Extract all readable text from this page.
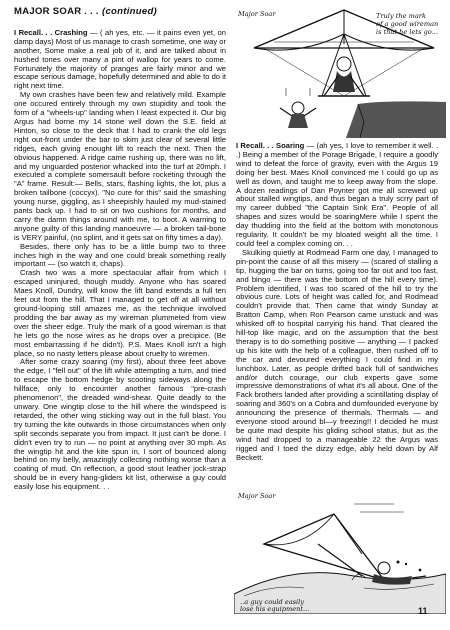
MAJOR SOAR . . . (continued)

I Recall. . . Crashing — ( ah yes, etc. — it pains even yet, on damp days) Most of us manage to crash sometime, one way or another, Some make a real job of it, and are talked about in hushed tones over many a pint of wallop for years to come. Fortunately the majority of pranges are fairly minor and we escape serious damage, hopefully determined and able to do it right next time.

My own crashes have been few and relatively mild. Example one occured entirely through my own stupidity and took the form of a "wheels-up" landing when I least expected it. Our big Argus had borne my 14 stone well down the S.E. field at Hinton, so close to the deck that I had to crank the old legs right out-front under the bar to skim just clear of several little ridges, each giving enought lift to reach the next. Then the obvious happened. A ridge came rushing up, there was no lift, and my unguarded posterior whacked into the turf at 20mph. I executed a complete somersault before rocketing through the "A" frame. Result:— Bells, stars, flashing lights, the lot, plus a broken tailbone (coccyx). "No cure for this" said the smashing young nurse, giggling, as I sheepishly hauled my mud-stained pants back up. I had to sit on two cushions for months, and carry the damn things around with me, to boot. A warning to anyone guilty of this landing manoeuvre — a broken tail-bone is VERY painful, (no splint, and it gets sat on fifty times a day).

Besides, there only has to be a little bump two to three inches high in the way and one could break something really important — (so watch it, chaps).

Crash two was a more spectacular affair from which I escaped uninjured, though muddy. Anyone who has soared Maes Knoll, Dundry, will know the lift band extends a full ten feet out from the hill. That I managed to get off at all without ground-looping still amazes me, as the technique involved prodding the bar away as my wireman plummeted from view over the sheer edge. Truly the mark of a good wireman is that he lets go the nose wires as he drops over a precipice. (Be most embarrassing if he didn't). P.S. Maes Knoll isn't a high place, so no nasty letters please about cruelty to wiremen.

After some crazy soaring (my first), about three feet above the edge, I "fell out" of the lift while attempting a turn, and tried to escape the bottom hedge by scooting sideways along the hillface, only to encounter another famous "pre-crash phenomenon", the dreaded wind-shear. Quite deadly to the unwary. One wingtip close to the hill where the windspeed is retarded, the other wing sticking way out in the full blast. You try turning the kite outwards in those circumstances when only split seconds separate you from impact. It just can't be done. I didn't even try to run — no point at anything over 30 mph. As the wingtip hit and the kite spun in, I sort of bounced along behind on my belly, amazingly collecting nothing worse than a coating of mud. On reflection, a good stout leather jock-strap should be in every hang-gliders kit list, otherwise a guy could easily lose his equipment. . .

Major Soar	Truly the mark
of a good wireman
is that he lets go...

I Recall. . . Soaring — (ah yes, I love to remember it well. . .) Being a member of the Porage Brigade, I require a goodly wind to defeat the force of gravity, even with the Argus 19 doing her best. Maes Knoll convinced me I could go up as well as down, and taught me to keep away from the slope. A dozen readings of Dan Poynter got me all screwed up about stalled wingtips, and thus began a truly scrry part of my career dubbed "the Captain Sink Era". People of all shapes and sizes would be soaringMere while I spent the day thudding into the field at the bottom with monotonous regularity. It couldn't be my bloated weight all the time. I could feel a complex coming on. . .

Skulking quietly at Rodmead Farm one day, I managed to pin-point the cause of all this misery — (scared of stalling a tip, hugging the bar on turns, going too far out and too fast, and bingo — there was the bottom of the hill every time). Problem identified, I was too scared of the hill to try the obvious cure. Lots of height was called for, and Rodmead couldn't provide that. Then came that windy Sunday at Bratton Camp, when Ron Pearson came unstuck and was whisked off to hospital carrying his hand. That cleared the hill-top like magic, and on the assumption that the best therapy is to do something positive — anything — I packed up his kite with the help of a colleague, then rushed off to the car and devoured everything I could find in my lunchbox. Later, as people drifted back full of sandwiches and/or dutch courage, our club experts gave some impressive demonstrations of what it's all about. One of the Fack brothers landed after providing a scintillating display of soaring and 360's on a Cobra and dumfounded everyone by announcing the presence of thermals. Thermals — and everyone stood around bl—y freezing!! I decided he must be quite mad despite his gliding school status, but as the wind had dropped to a manageable 22 the Argus was rigged and I toed the dizzy edge, ably held down by Alf Beckett.

Major Soar
..a guy could easily
lose his equipment...	11
